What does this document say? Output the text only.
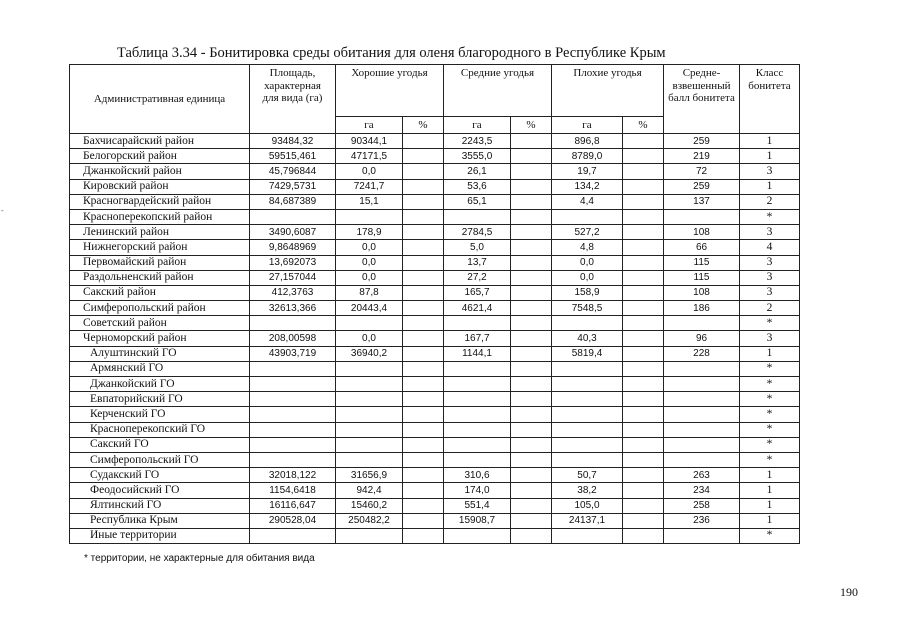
-
Таблица 3.34 - Бонитировка среды обитания для оленя благородного в Республике Крым
Административная единица	Площадь, характерная для вида (га)	Хорошие угодья		Средние угодья		Плохие угодья		Средне-взвешенный балл бонитета	Класс бонитета
		га	%	га	%	га	%		
Бахчисарайский район	93484,32	90344,1		2243,5		896,8		259	1
Белогорский район	59515,461	47171,5		3555,0		8789,0		219	1
Джанкойский район	45,796844	0,0		26,1		19,7		72	3
Кировский район	7429,5731	7241,7		53,6		134,2		259	1
Красногвардейский район	84,687389	15,1		65,1		4,4		137	2
Красноперекопский район									*
Ленинский район	3490,6087	178,9		2784,5		527,2		108	3
Нижнегорский район	9,8648969	0,0		5,0		4,8		66	4
Первомайский район	13,692073	0,0		13,7		0,0		115	3
Раздольненский район	27,157044	0,0		27,2		0,0		115	3
Сакский район	412,3763	87,8		165,7		158,9		108	3
Симферопольский район	32613,366	20443,4		4621,4		7548,5		186	2
Советский район									*
Черноморский район	208,00598	0,0		167,7		40,3		96	3
Алуштинский ГО	43903,719	36940,2		1144,1		5819,4		228	1
Армянский ГО									*
Джанкойский ГО									*
Евпаторийский ГО									*
Керченский ГО									*
Красноперекопский ГО									*
Сакский ГО									*
Симферопольский ГО									*
Судакский ГО	32018,122	31656,9		310,6		50,7		263	1
Феодосийский ГО	1154,6418	942,4		174,0		38,2		234	1
Ялтинский ГО	16116,647	15460,2		551,4		105,0		258	1
Республика Крым	290528,04	250482,2		15908,7		24137,1		236	1
Иные территории									*
* территории, не характерные для обитания вида
190
